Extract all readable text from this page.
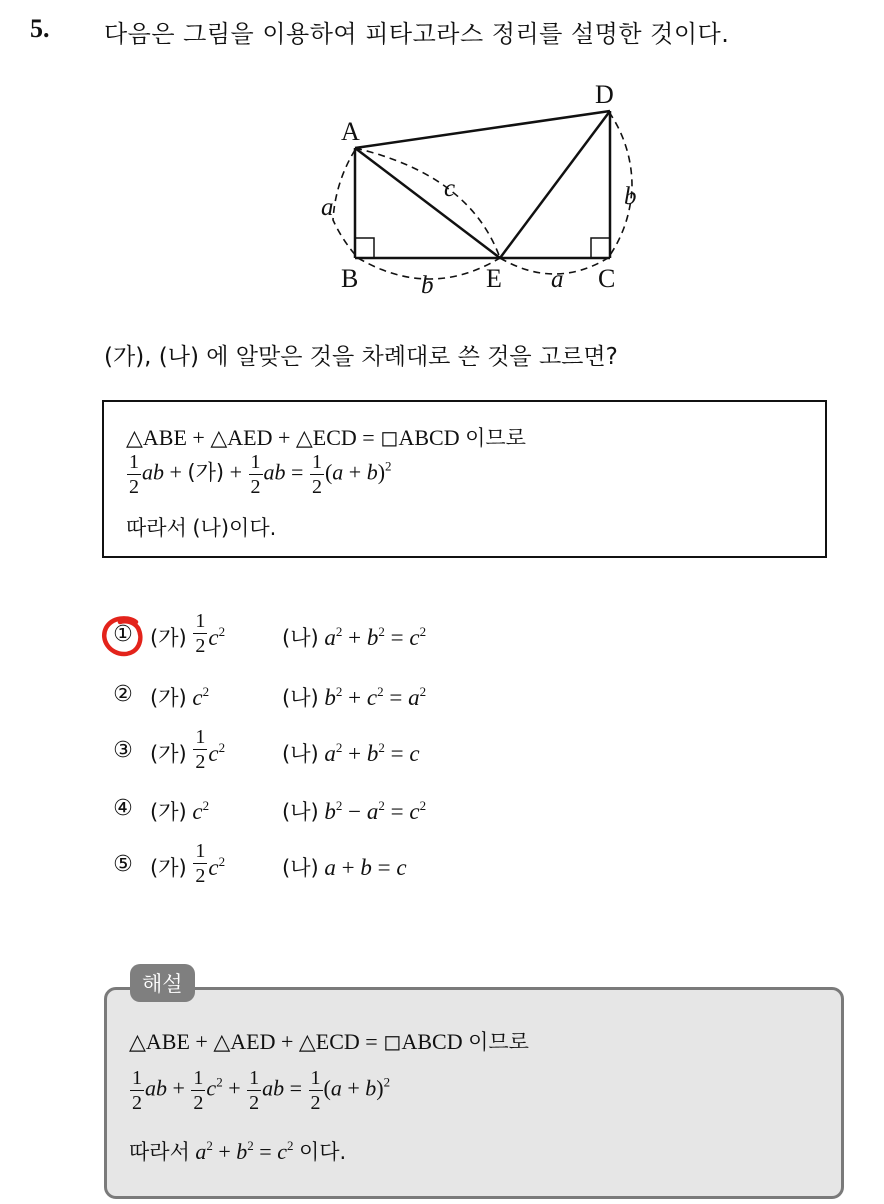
5. 다음은 그림을 이용하여 피타고라스 정리를 설명한 것이다.
A
D
B	E	C
a
c	b
b	a
(가), (나) 에 알맞은 것을 차례대로 쓴 것을 고르면?
△ABE + △AED + △ECD = ◻ABCD 이므로
$\frac{1}{2}$ ab + (가) + $\frac{1}{2}$ ab = $\frac{1}{2} (a + b)^2$
따라서 (나)이다.
① (가) $\frac{1}{2} c^2$	(나) $a^2 + b^2 = c^2$
② (가) $c^2$	(나) $b^2 + c^2 = a^2$
③ (가) $\frac{1}{2} c^2$	(나) $a^2 + b^2 = c$
④ (가) $c^2$	(나) $b^2 - a^2 = c^2$
⑤ (가) $\frac{1}{2} c^2$	(나) a + b = c
△ABE + △AED + △ECD = ◻ABCD 이므로
$\frac{1}{2}$ ab + $\frac{1}{2} c^2 + \frac{1}{2}$ ab = $\frac{1}{2} (a + b)^2$
따라서 $a^2 + b^2 = c^2$ 이다.
해설
